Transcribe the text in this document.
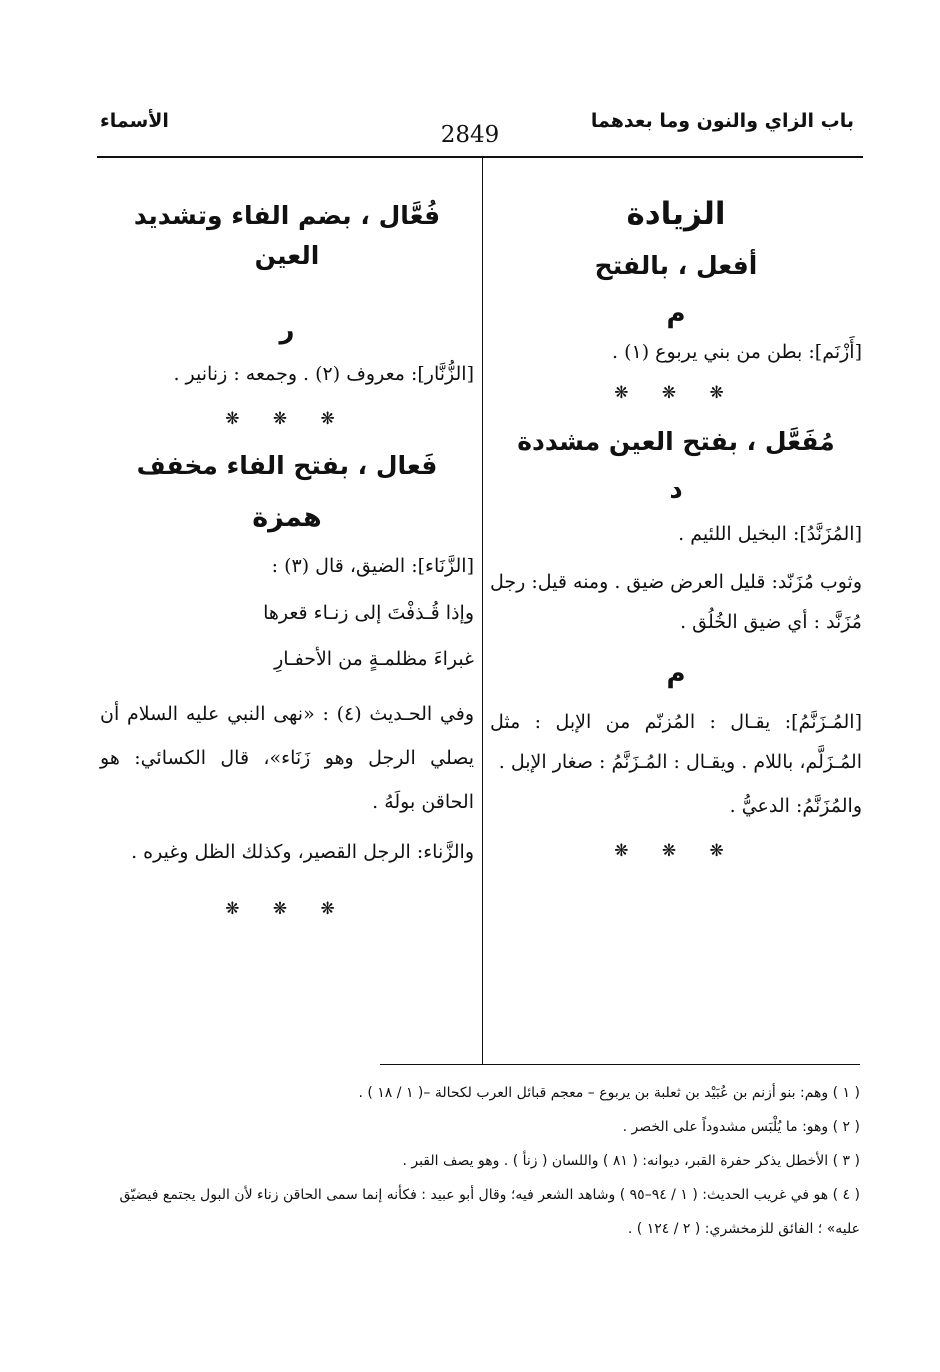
باب الزاي والنون وما بعدهما
الأسماء
2849

الزيادة

أفعل ، بالفتح

م

[أَزْنَم]: بطن من بني يربوع (١) .

❋ ❋ ❋

مُفَعَّل ، بفتح العين مشددة

د

[المُزَنَّدُ]: البخيل اللئيم .

وثوب مُزَنّد: قليل العرض ضيق . ومنه قيل: رجل مُزَنَّد : أي ضيق الخُلُق .

م

[المُـزَنَّمُ]: يقـال : المُزنّم من الإبل : مثل المُـزَلَّم، باللام . ويقـال : المُـزَنَّمُ : صغار الإبل .

والمُزَنَّمُ: الدعيُّ .

❋ ❋ ❋

فُعَّال ، بضم الفاء وتشديد العين

ر

[الزُّنَّار]: معروف (٢) . وجمعه : زنانير .

❋ ❋ ❋

فَعال ، بفتح الفاء مخفف

همزة

[الزَّنَاء]: الضيق، قال (٣) :

وإذا قُـذفْتَ إلى زنـاء قعرها

غبراءَ مظلمـةٍ من الأحفـارِ

وفي الحـديث (٤) : «نهى النبي عليه السلام أن يصلي الرجل وهو زَنَاء»، قال الكسائي: هو الحاقن بولَهُ .

والزَّناء: الرجل القصير، وكذلك الظل وغيره .

❋ ❋ ❋

( ١ ) وهم: بنو أزنم بن عُبَيْد بن ثعلبة بن يربوع – معجم قبائل العرب لكحالة –( ١ / ١٨ ) .

( ٢ ) وهو: ما يُلْبَس مشدوداً على الخصر .

( ٣ ) الأخطل يذكر حفرة القبر، ديوانه: ( ٨١ ) واللسان ( زنأ ) . وهو يصف القبر .

( ٤ ) هو في غريب الحديث: ( ١ / ٩٤–٩٥ ) وشاهد الشعر فيه؛ وقال أبو عبيد : فكأنه إنما سمى الحاقن زناء لأن البول يجتمع فيضيّق عليه» ؛ الفائق للزمخشري: ( ٢ / ١٢٤ ) .
